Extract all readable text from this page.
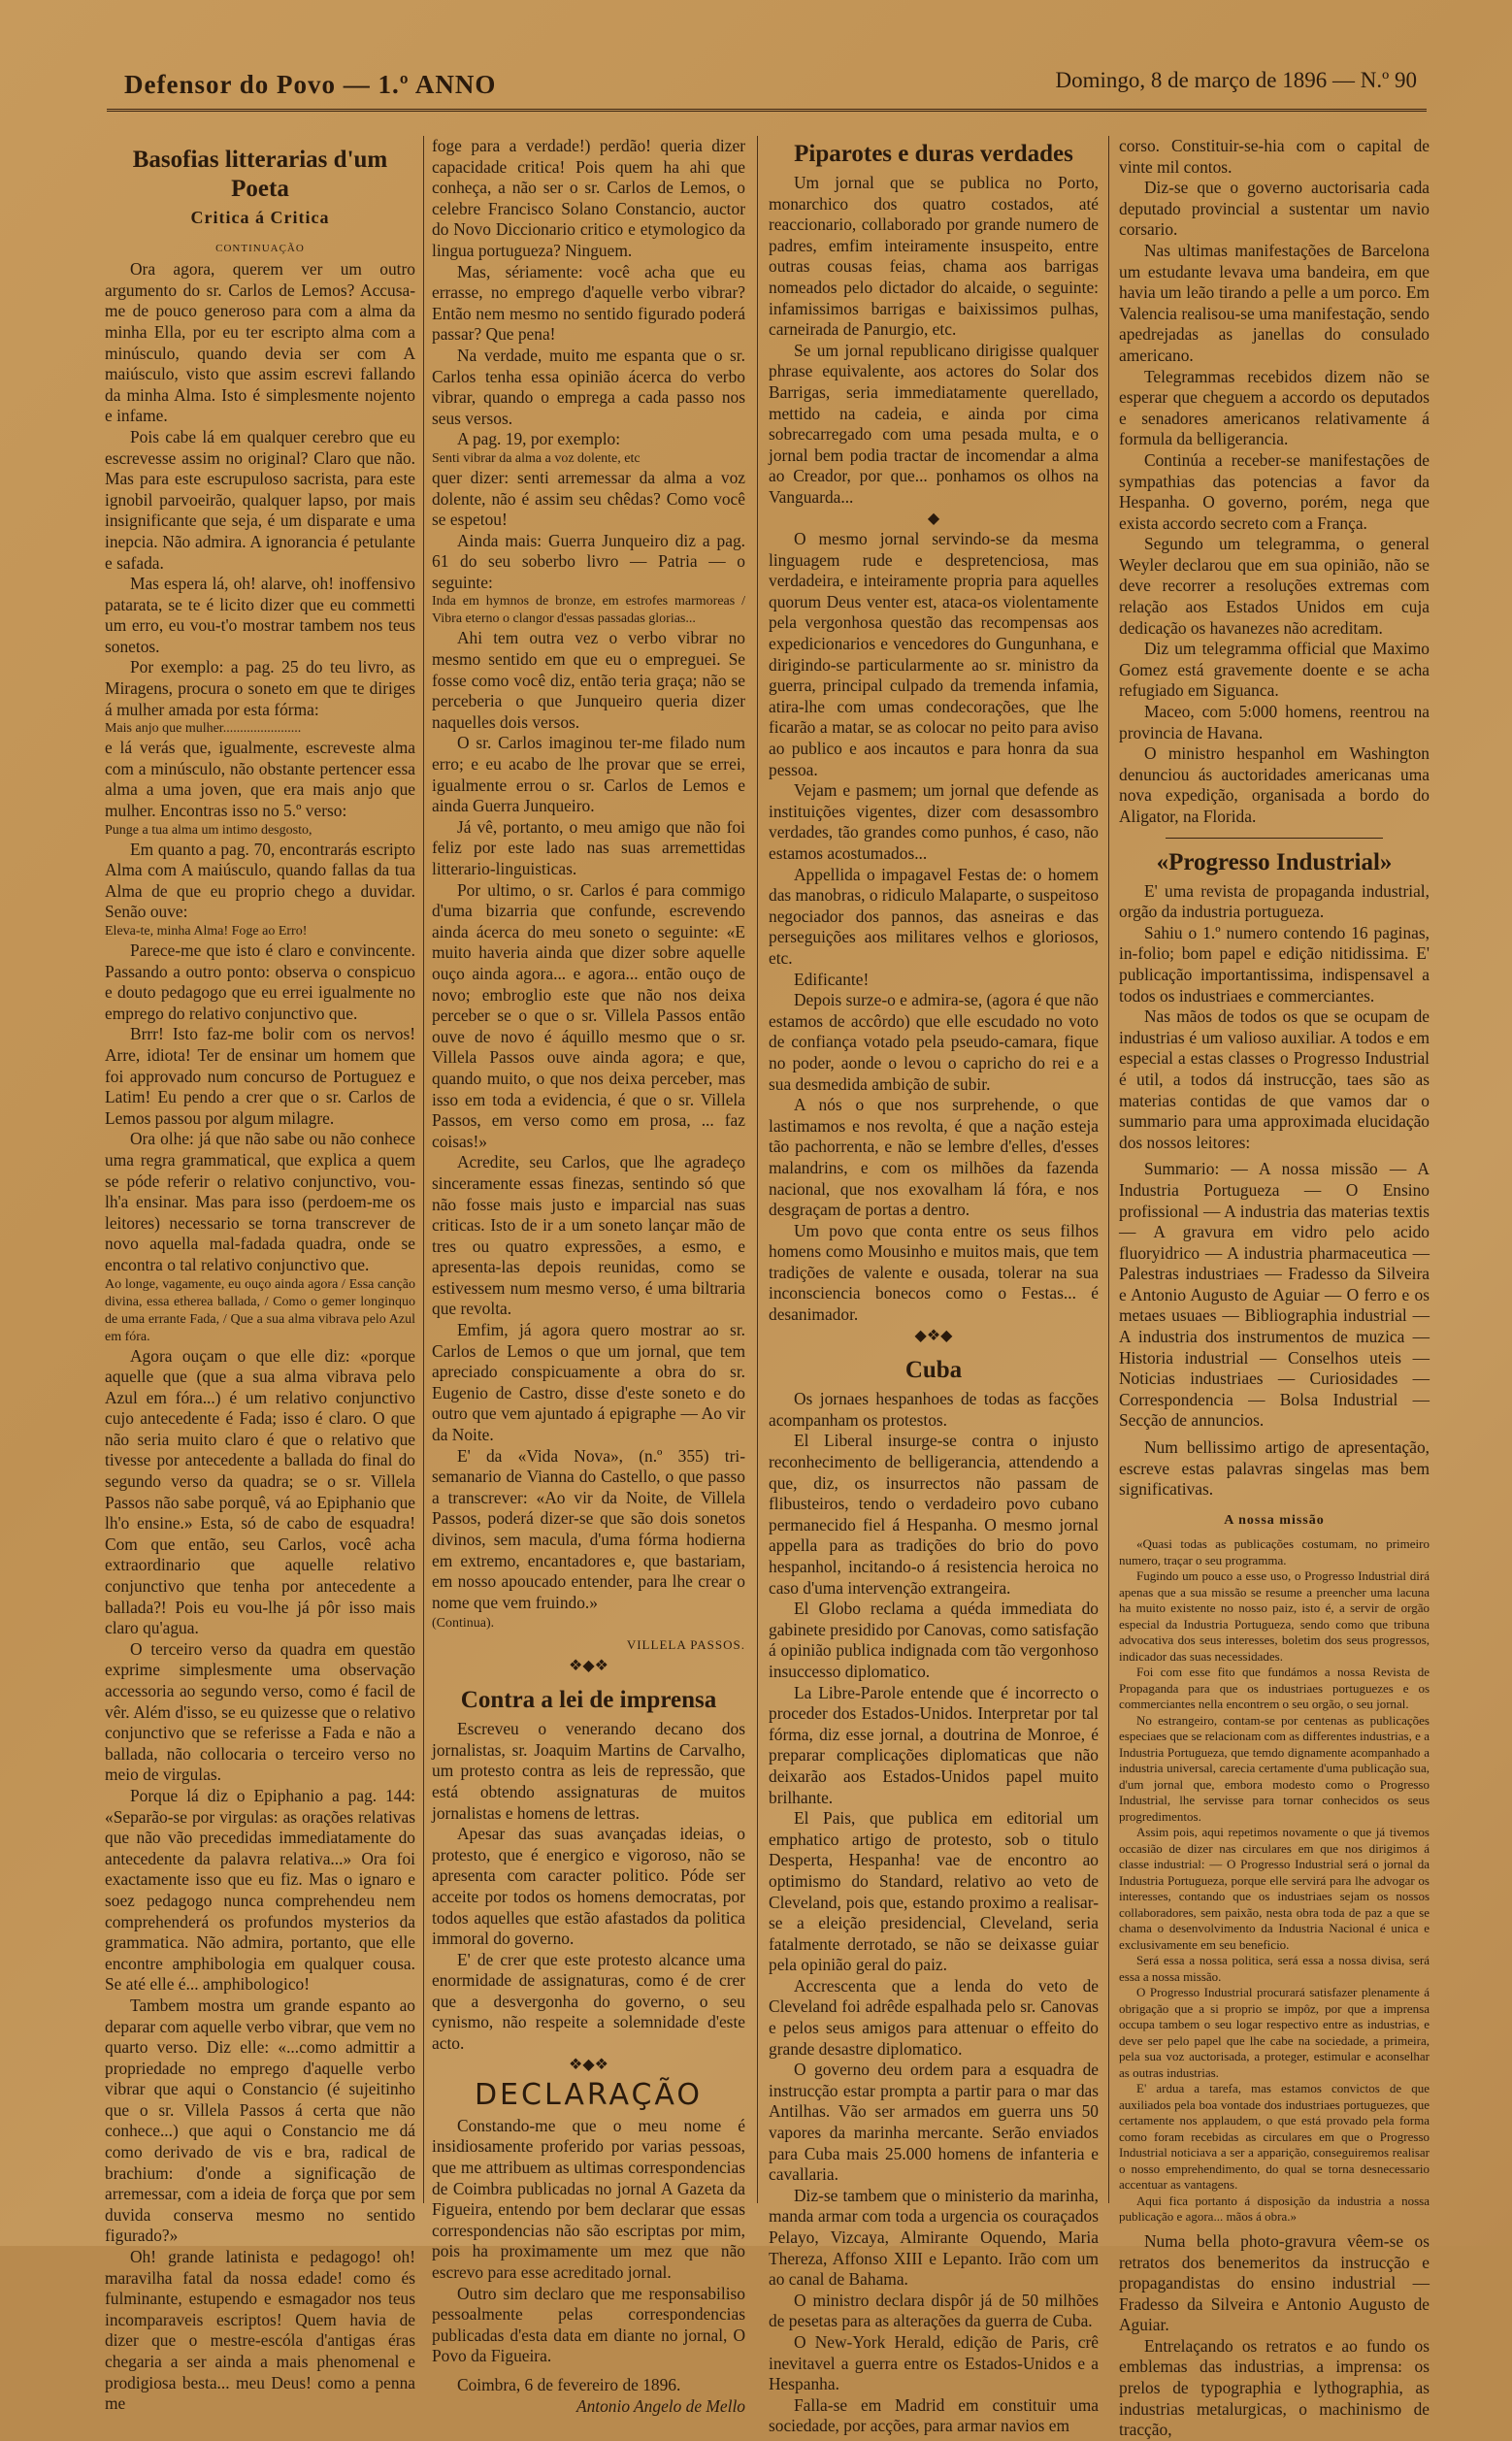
Defensor do Povo — 1.º ANNO	Domingo, 8 de março de 1896 — N.º 90
Basofias litterarias d'um Poeta
Critica á Critica

CONTINUAÇÃO

Ora agora, querem ver um outro argumento do sr. Carlos de Lemos? Accusa-me de pouco generoso para com a alma da minha Ella, por eu ter escripto alma com a minúsculo, quando devia ser com A maiúsculo, visto que assim escrevi fallando da minha Alma. Isto é simplesmente nojento e infame.

Pois cabe lá em qualquer cerebro que eu escrevesse assim no original? Claro que não. Mas para este escrupuloso sacrista, para este ignobil parvoeirão, qualquer lapso, por mais insignificante que seja, é um disparate e uma inepcia. Não admira. A ignorancia é petulante e safada.

Mas espera lá, oh! alarve, oh! inoffensivo patarata, se te é licito dizer que eu commetti um erro, eu vou-t'o mostrar tambem nos teus sonetos.

Por exemplo: a pag. 25 do teu livro, as Miragens, procura o soneto em que te diriges á mulher amada por esta fórma:

Mais anjo que mulher.......................

e lá verás que, igualmente, escreveste alma com a minúsculo, não obstante pertencer essa alma a uma joven, que era mais anjo que mulher. Encontras isso no 5.º verso:

Punge a tua alma um intimo desgosto,

Em quanto a pag. 70, encontrarás escripto Alma com A maiúsculo, quando fallas da tua Alma de que eu proprio chego a duvidar. Senão ouve:

Eleva-te, minha Alma! Foge ao Erro!

Parece-me que isto é claro e convincente. Passando a outro ponto: observa o conspicuo e douto pedagogo que eu errei igualmente no emprego do relativo conjunctivo que.

Brrr! Isto faz-me bolir com os nervos! Arre, idiota! Ter de ensinar um homem que foi approvado num concurso de Portuguez e Latim! Eu pendo a crer que o sr. Carlos de Lemos passou por algum milagre.

Ora olhe: já que não sabe ou não conhece uma regra grammatical, que explica a quem se póde referir o relativo conjunctivo, vou-lh'a ensinar. Mas para isso (perdoem-me os leitores) necessario se torna transcrever de novo aquella mal-fadada quadra, onde se encontra o tal relativo conjunctivo que.

Ao longe, vagamente, eu ouço ainda agora / Essa canção divina, essa etherea ballada, / Como o gemer longinquo de uma errante Fada, / Que a sua alma vibrava pelo Azul em fóra.

Agora ouçam o que elle diz: «porque aquelle que (que a sua alma vibrava pelo Azul em fóra...) é um relativo conjunctivo cujo antecedente é Fada; isso é claro. O que não seria muito claro é que o relativo que tivesse por antecedente a ballada do final do segundo verso da quadra; se o sr. Villela Passos não sabe porquê, vá ao Epiphanio que lh'o ensine.» Esta, só de cabo de esquadra! Com que então, seu Carlos, você acha extraordinario que aquelle relativo conjunctivo que tenha por antecedente a ballada?! Pois eu vou-lhe já pôr isso mais claro qu'agua.

O terceiro verso da quadra em questão exprime simplesmente uma observação accessoria ao segundo verso, como é facil de vêr. Além d'isso, se eu quizesse que o relativo conjunctivo que se referisse a Fada e não a ballada, não collocaria o terceiro verso no meio de virgulas.

Porque lá diz o Epiphanio a pag. 144: «Separão-se por virgulas: as orações relativas que não vão precedidas immediatamente do antecedente da palavra relativa...» Ora foi exactamente isso que eu fiz. Mas o ignaro e soez pedagogo nunca comprehendeu nem comprehenderá os profundos mysterios da grammatica. Não admira, portanto, que elle encontre amphibologia em qualquer cousa. Se até elle é... amphibologico!

Tambem mostra um grande espanto ao deparar com aquelle verbo vibrar, que vem no quarto verso. Diz elle: «...como admittir a propriedade no emprego d'aquelle verbo vibrar que aqui o Constancio (é sujeitinho que o sr. Villela Passos á certa que não conhece...) que aqui o Constancio me dá como derivado de vis e bra, radical de brachium: d'onde a significação de arremessar, com a ideia de força que por sem duvida conserva mesmo no sentido figurado?»

Oh! grande latinista e pedagogo! oh! maravilha fatal da nossa edade! como és fulminante, estupendo e esmagador nos teus incomparaveis escriptos! Quem havia de dizer que o mestre-escóla d'antigas éras chegaria a ser ainda a mais phenomenal e prodigiosa besta... meu Deus! como a penna me

foge para a verdade!) perdão! queria dizer capacidade critica! Pois quem ha ahi que conheça, a não ser o sr. Carlos de Lemos, o celebre Francisco Solano Constancio, auctor do Novo Diccionario critico e etymologico da lingua portugueza? Ninguem.

Mas, sériamente: você acha que eu errasse, no emprego d'aquelle verbo vibrar? Então nem mesmo no sentido figurado poderá passar? Que pena!

Na verdade, muito me espanta que o sr. Carlos tenha essa opinião ácerca do verbo vibrar, quando o emprega a cada passo nos seus versos.

A pag. 19, por exemplo:

Senti vibrar da alma a voz dolente, etc

quer dizer: senti arremessar da alma a voz dolente, não é assim seu chêdas? Como você se espetou!

Ainda mais: Guerra Junqueiro diz a pag. 61 do seu soberbo livro — Patria — o seguinte:

Inda em hymnos de bronze, em estrofes marmoreas / Vibra eterno o clangor d'essas passadas glorias...

Ahi tem outra vez o verbo vibrar no mesmo sentido em que eu o empreguei. Se fosse como você diz, então teria graça; não se perceberia o que Junqueiro queria dizer naquelles dois versos.

O sr. Carlos imaginou ter-me filado num erro; e eu acabo de lhe provar que se errei, igualmente errou o sr. Carlos de Lemos e ainda Guerra Junqueiro.

Já vê, portanto, o meu amigo que não foi feliz por este lado nas suas arremettidas litterario-linguisticas.

Por ultimo, o sr. Carlos é para commigo d'uma bizarria que confunde, escrevendo ainda ácerca do meu soneto o seguinte: «E muito haveria ainda que dizer sobre aquelle ouço ainda agora... e agora... então ouço de novo; embroglio este que não nos deixa perceber se o que o sr. Villela Passos então ouve de novo é áquillo mesmo que o sr. Villela Passos ouve ainda agora; e que, quando muito, o que nos deixa perceber, mas isso em toda a evidencia, é que o sr. Villela Passos, em verso como em prosa, ... faz coisas!»

Acredite, seu Carlos, que lhe agradeço sinceramente essas finezas, sentindo só que não fosse mais justo e imparcial nas suas criticas. Isto de ir a um soneto lançar mão de tres ou quatro expressões, a esmo, e apresenta-las depois reunidas, como se estivessem num mesmo verso, é uma biltraria que revolta.

Emfim, já agora quero mostrar ao sr. Carlos de Lemos o que um jornal, que tem apreciado conspicuamente a obra do sr. Eugenio de Castro, disse d'este soneto e do outro que vem ajuntado á epigraphe — Ao vir da Noite.

E' da «Vida Nova», (n.º 355) tri-semanario de Vianna do Castello, o que passo a transcrever: «Ao vir da Noite, de Villela Passos, poderá dizer-se que são dois sonetos divinos, sem macula, d'uma fórma hodierna em extremo, encantadores e, que bastariam, em nosso apoucado entender, para lhe crear o nome que vem fruindo.»

(Continua).

VILLELA PASSOS.

❖◆❖

Contra a lei de imprensa

Escreveu o venerando decano dos jornalistas, sr. Joaquim Martins de Carvalho, um protesto contra as leis de repressão, que está obtendo assignaturas de muitos jornalistas e homens de lettras.

Apesar das suas avançadas ideias, o protesto, que é energico e vigoroso, não se apresenta com caracter politico. Póde ser acceite por todos os homens democratas, por todos aquelles que estão afastados da politica immoral do governo.

E' de crer que este protesto alcance uma enormidade de assignaturas, como é de crer que a desvergonha do governo, o seu cynismo, não respeite a solemnidade d'este acto.

❖◆❖

DECLARAÇÃO

Constando-me que o meu nome é insidiosamente proferido por varias pessoas, que me attribuem as ultimas correspondencias de Coimbra publicadas no jornal A Gazeta da Figueira, entendo por bem declarar que essas correspondencias não são escriptas por mim, pois ha proximamente um mez que não escrevo para esse acreditado jornal.

Outro sim declaro que me responsabiliso pessoalmente pelas correspondencias publicadas d'esta data em diante no jornal, O Povo da Figueira.

Coimbra, 6 de fevereiro de 1896.

Antonio Angelo de Mello

Piparotes e duras verdades

Um jornal que se publica no Porto, monarchico dos quatro costados, até reaccionario, collaborado por grande numero de padres, emfim inteiramente insuspeito, entre outras cousas feias, chama aos barrigas nomeados pelo dictador do alcaide, o seguinte: infamissimos barrigas e baixissimos pulhas, carneirada de Panurgio, etc.

Se um jornal republicano dirigisse qualquer phrase equivalente, aos actores do Solar dos Barrigas, seria immediatamente querellado, mettido na cadeia, e ainda por cima sobrecarregado com uma pesada multa, e o jornal bem podia tractar de incomendar a alma ao Creador, por que... ponhamos os olhos na Vanguarda...

◆

O mesmo jornal servindo-se da mesma linguagem rude e despretenciosa, mas verdadeira, e inteiramente propria para aquelles quorum Deus venter est, ataca-os violentamente pela vergonhosa questão das recompensas aos expedicionarios e vencedores do Gungunhana, e dirigindo-se particularmente ao sr. ministro da guerra, principal culpado da tremenda infamia, atira-lhe com umas condecorações, que lhe ficarão a matar, se as colocar no peito para aviso ao publico e aos incautos e para honra da sua pessoa.

Vejam e pasmem; um jornal que defende as instituições vigentes, dizer com desassombro verdades, tão grandes como punhos, é caso, não estamos acostumados...

Appellida o impagavel Festas de: o homem das manobras, o ridiculo Malaparte, o suspeitoso negociador dos pannos, das asneiras e das perseguições aos militares velhos e gloriosos, etc.

Edificante!

Depois surze-o e admira-se, (agora é que não estamos de accôrdo) que elle escudado no voto de confiança votado pela pseudo-camara, fique no poder, aonde o levou o capricho do rei e a sua desmedida ambição de subir.

A nós o que nos surprehende, o que lastimamos e nos revolta, é que a nação esteja tão pachorrenta, e não se lembre d'elles, d'esses malandrins, e com os milhões da fazenda nacional, que nos exovalham lá fóra, e nos desgraçam de portas a dentro.

Um povo que conta entre os seus filhos homens como Mousinho e muitos mais, que tem tradições de valente e ousada, tolerar na sua inconsciencia bonecos como o Festas... é desanimador.

◆❖◆

Cuba

Os jornaes hespanhoes de todas as facções acompanham os protestos.

El Liberal insurge-se contra o injusto reconhecimento de belligerancia, attendendo a que, diz, os insurrectos não passam de flibusteiros, tendo o verdadeiro povo cubano permanecido fiel á Hespanha. O mesmo jornal appella para as tradições do brio do povo hespanhol, incitando-o á resistencia heroica no caso d'uma intervenção extrangeira.

El Globo reclama a quéda immediata do gabinete presidido por Canovas, como satisfação á opinião publica indignada com tão vergonhoso insuccesso diplomatico.

La Libre-Parole entende que é incorrecto o proceder dos Estados-Unidos. Interpretar por tal fórma, diz esse jornal, a doutrina de Monroe, é preparar complicações diplomaticas que não deixarão aos Estados-Unidos papel muito brilhante.

El Pais, que publica em editorial um emphatico artigo de protesto, sob o titulo Desperta, Hespanha! vae de encontro ao optimismo do Standard, relativo ao veto de Cleveland, pois que, estando proximo a realisar-se a eleição presidencial, Cleveland, seria fatalmente derrotado, se não se deixasse guiar pela opinião geral do paiz.

Accrescenta que a lenda do veto de Cleveland foi adrêde espalhada pelo sr. Canovas e pelos seus amigos para attenuar o effeito do grande desastre diplomatico.

O governo deu ordem para a esquadra de instrucção estar prompta a partir para o mar das Antilhas. Vão ser armados em guerra uns 50 vapores da marinha mercante. Serão enviados para Cuba mais 25.000 homens de infanteria e cavallaria.

Diz-se tambem que o ministerio da marinha, manda armar com toda a urgencia os couraçados Pelayo, Vizcaya, Almirante Oquendo, Maria Thereza, Affonso XIII e Lepanto. Irão com um ao canal de Bahama.

O ministro declara dispôr já de 50 milhões de pesetas para as alterações da guerra de Cuba.

O New-York Herald, edição de Paris, crê inevitavel a guerra entre os Estados-Unidos e a Hespanha.

Falla-se em Madrid em constituir uma sociedade, por acções, para armar navios em

corso. Constituir-se-hia com o capital de vinte mil contos.

Diz-se que o governo auctorisaria cada deputado provincial a sustentar um navio corsario.

Nas ultimas manifestações de Barcelona um estudante levava uma bandeira, em que havia um leão tirando a pelle a um porco. Em Valencia realisou-se uma manifestação, sendo apedrejadas as janellas do consulado americano.

Telegrammas recebidos dizem não se esperar que cheguem a accordo os deputados e senadores americanos relativamente á formula da belligerancia.

Continúa a receber-se manifestações de sympathias das potencias a favor da Hespanha. O governo, porém, nega que exista accordo secreto com a França.

Segundo um telegramma, o general Weyler declarou que em sua opinião, não se deve recorrer a resoluções extremas com relação aos Estados Unidos em cuja dedicação os havanezes não acreditam.

Diz um telegramma official que Maximo Gomez está gravemente doente e se acha refugiado em Siguanca.

Maceo, com 5:000 homens, reentrou na provincia de Havana.

O ministro hespanhol em Washington denunciou ás auctoridades americanas uma nova expedição, organisada a bordo do Aligator, na Florida.

«Progresso Industrial»

E' uma revista de propaganda industrial, orgão da industria portugueza.

Sahiu o 1.º numero contendo 16 paginas, in-folio; bom papel e edição nitidissima. E' publicação importantissima, indispensavel a todos os industriaes e commerciantes.

Nas mãos de todos os que se ocupam de industrias é um valioso auxiliar. A todos e em especial a estas classes o Progresso Industrial é util, a todos dá instrucção, taes são as materias contidas de que vamos dar o summario para uma approximada elucidação dos nossos leitores:

Summario: — A nossa missão — A Industria Portugueza — O Ensino profissional — A industria das materias textis — A gravura em vidro pelo acido fluoryidrico — A industria pharmaceutica — Palestras industriaes — Fradesso da Silveira e Antonio Augusto de Aguiar — O ferro e os metaes usuaes — Bibliographia industrial — A industria dos instrumentos de muzica — Historia industrial — Conselhos uteis — Noticias industriaes — Curiosidades — Correspondencia — Bolsa Industrial — Secção de annuncios.

Num bellissimo artigo de apresentação, escreve estas palavras singelas mas bem significativas.

A nossa missão

«Quasi todas as publicações costumam, no primeiro numero, traçar o seu programma.

Fugindo um pouco a esse uso, o Progresso Industrial dirá apenas que a sua missão se resume a preencher uma lacuna ha muito existente no nosso paiz, isto é, a servir de orgão especial da Industria Portugueza, sendo como que tribuna advocativa dos seus interesses, boletim dos seus progressos, indicador das suas necessidades.

Foi com esse fito que fundámos a nossa Revista de Propaganda para que os industriaes portuguezes e os commerciantes nella encontrem o seu orgão, o seu jornal.

No estrangeiro, contam-se por centenas as publicações especiaes que se relacionam com as differentes industrias, e a Industria Portugueza, que temdo dignamente acompanhado a industria universal, carecia certamente d'uma publicação sua, d'um jornal que, embora modesto como o Progresso Industrial, lhe servisse para tornar conhecidos os seus progredimentos.

Assim pois, aqui repetimos novamente o que já tivemos occasião de dizer nas circulares em que nos dirigimos á classe industrial: — O Progresso Industrial será o jornal da Industria Portugueza, porque elle servirá para lhe advogar os interesses, contando que os industriaes sejam os nossos collaboradores, sem paixão, nesta obra toda de paz a que se chama o desenvolvimento da Industria Nacional é unica e exclusivamente em seu beneficio.

Será essa a nossa politica, será essa a nossa divisa, será essa a nossa missão.

O Progresso Industrial procurará satisfazer plenamente á obrigação que a si proprio se impôz, por que a imprensa occupa tambem o seu logar respectivo entre as industrias, e deve ser pelo papel que lhe cabe na sociedade, a primeira, pela sua voz auctorisada, a proteger, estimular e aconselhar as outras industrias.

E' ardua a tarefa, mas estamos convictos de que auxiliados pela boa vontade dos industriaes portuguezes, que certamente nos applaudem, o que está provado pela forma como foram recebidas as circulares em que o Progresso Industrial noticiava a ser a apparição, conseguiremos realisar o nosso emprehendimento, do qual se torna desnecessario accentuar as vantagens.

Aqui fica portanto á disposição da industria a nossa publicação e agora... mãos á obra.»

Numa bella photo-gravura vêem-se os retratos dos benemeritos da instrucção e propagandistas do ensino industrial — Fradesso da Silveira e Antonio Augusto de Aguiar.

Entrelaçando os retratos e ao fundo os emblemas das industrias, a imprensa: os prelos de typographia e lythographia, as industrias metalurgicas, o machinismo de tracção,
